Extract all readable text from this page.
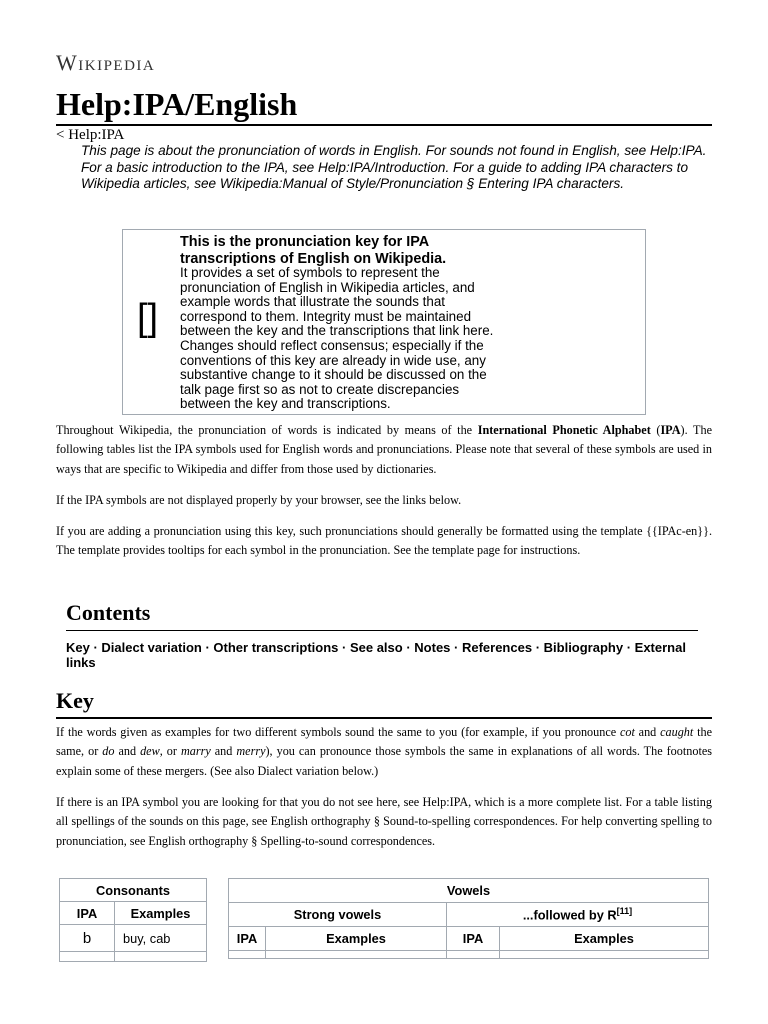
Wikipedia
Help:IPA/English
< Help:IPA

This page is about the pronunciation of words in English. For sounds not found in English, see Help:IPA. For a basic introduction to the IPA, see Help:IPA/Introduction. For a guide to adding IPA characters to Wikipedia articles, see Wikipedia:Manual of Style/Pronunciation § Entering IPA characters.

[]
This is the pronunciation key for IPA transcriptions of English on Wikipedia.
It provides a set of symbols to represent the pronunciation of English in Wikipedia articles, and example words that illustrate the sounds that correspond to them. Integrity must be maintained between the key and the transcriptions that link here. Changes should reflect consensus; especially if the conventions of this key are already in wide use, any substantive change to it should be discussed on the talk page first so as not to create discrepancies between the key and transcriptions.

Throughout Wikipedia, the pronunciation of words is indicated by means of the International Phonetic Alphabet (IPA). The following tables list the IPA symbols used for English words and pronunciations. Please note that several of these symbols are used in ways that are specific to Wikipedia and differ from those used by dictionaries.

If the IPA symbols are not displayed properly by your browser, see the links below.

If you are adding a pronunciation using this key, such pronunciations should generally be formatted using the template {{IPAc-en}}. The template provides tooltips for each symbol in the pronunciation. See the template page for instructions.

Contents
Key · Dialect variation · Other transcriptions · See also · Notes · References · Bibliography · External links
Key

If the words given as examples for two different symbols sound the same to you (for example, if you pronounce cot and caught the same, or do and dew, or marry and merry), you can pronounce those symbols the same in explanations of all words. The footnotes explain some of these mergers. (See also Dialect variation below.)

If there is an IPA symbol you are looking for that you do not see here, see Help:IPA, which is a more complete list. For a table listing all spellings of the sounds on this page, see English orthography § Sound-to-spelling correspondences. For help converting spelling to pronunciation, see English orthography § Spelling-to-sound correspondences.

Consonants	
IPA	Examples
b	buy, cab

Vowels			
Strong vowels		...followed by R[11]
IPA	Examples	IPA	Examples
